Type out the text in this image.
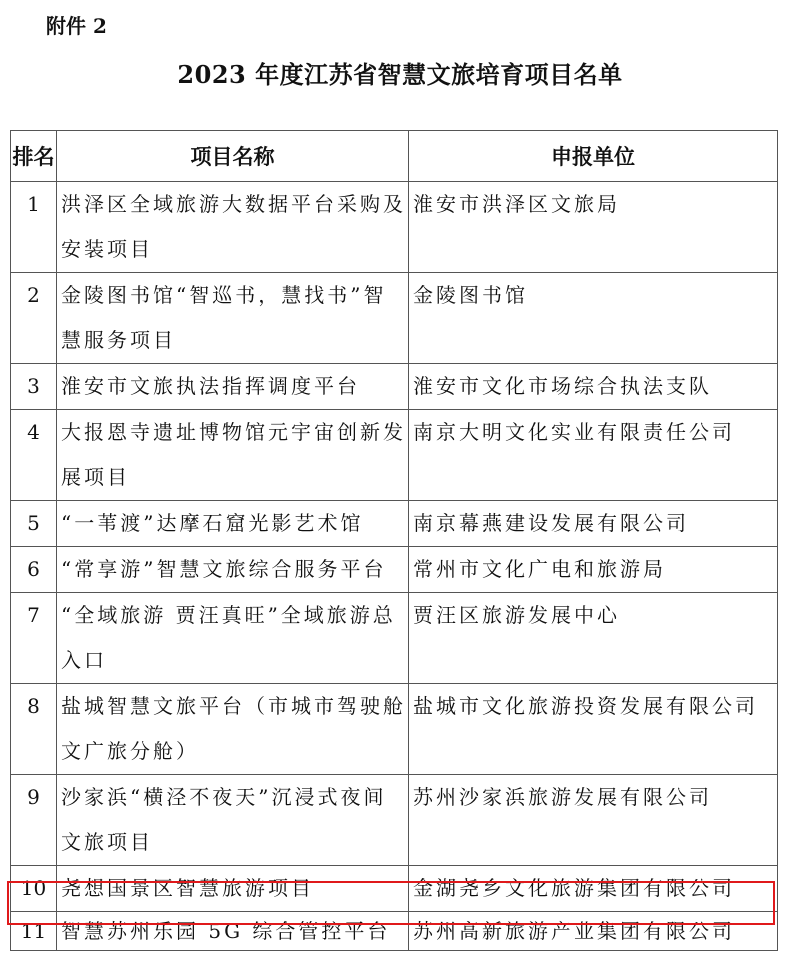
附件 2
2023 年度江苏省智慧文旅培育项目名单
排名	项目名称	申报单位
1	洪泽区全域旅游大数据平台采购及安装项目	淮安市洪泽区文旅局
2	金陵图书馆“智巡书，慧找书”智慧服务项目	金陵图书馆
3	淮安市文旅执法指挥调度平台	淮安市文化市场综合执法支队
4	大报恩寺遗址博物馆元宇宙创新发展项目	南京大明文化实业有限责任公司
5	“一苇渡”达摩石窟光影艺术馆	南京幕燕建设发展有限公司
6	“常享游”智慧文旅综合服务平台	常州市文化广电和旅游局
7	“全域旅游 贾汪真旺”全域旅游总入口	贾汪区旅游发展中心
8	盐城智慧文旅平台（市城市驾驶舱文广旅分舱）	盐城市文化旅游投资发展有限公司
9	沙家浜“横泾不夜天”沉浸式夜间文旅项目	苏州沙家浜旅游发展有限公司
10	尧想国景区智慧旅游项目	金湖尧乡文化旅游集团有限公司
11	智慧苏州乐园 5G 综合管控平台	苏州高新旅游产业集团有限公司
